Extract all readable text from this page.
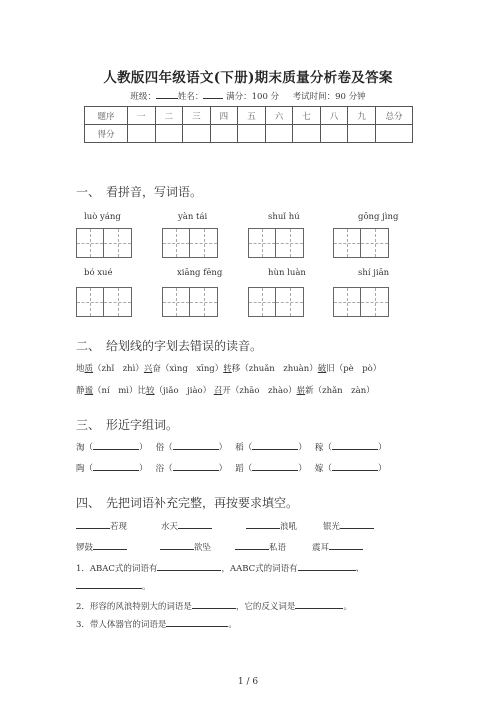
人教版四年级语文(下册)期末质量分析卷及答案
班级：	姓名：	满分：100 分 考试时间：90 分钟
题序	一	二	三	四	五	六	七	八	九	总分
得分										
一、　看拼音，写词语。
luò yáng	yàn tái	shuǐ hú	gōng jìng
bó xué	xiāng fēng	hùn luàn	shí jiān
二、　给划线的字划去错误的读音。
地质（zhǐ　zhì）兴奋（xìng　xīng）转移（zhuǎn　zhuàn）破旧（pè　pò）
静谧（ní　mì）比较（jiǎo　jiào） 召开（zhāo　zhào）崭新（zhǎn　zàn）
三、　形近字组词。
淘（	） 俗（	） 稻（	） 稼（	）
陶（	） 浴（	） 蹈（	） 嫁（	）
四、　先把词语补充完整，再按要求填空。
若现	水天	浪吼	银光
锣鼓	欲坠	私语	震耳
1．ABAC式的词语有	，AABC式的词语有	、
。
2．形容的风浪特别大的词语是	，它的反义词是	。
3．带人体器官的词语是	。
1 / 6
